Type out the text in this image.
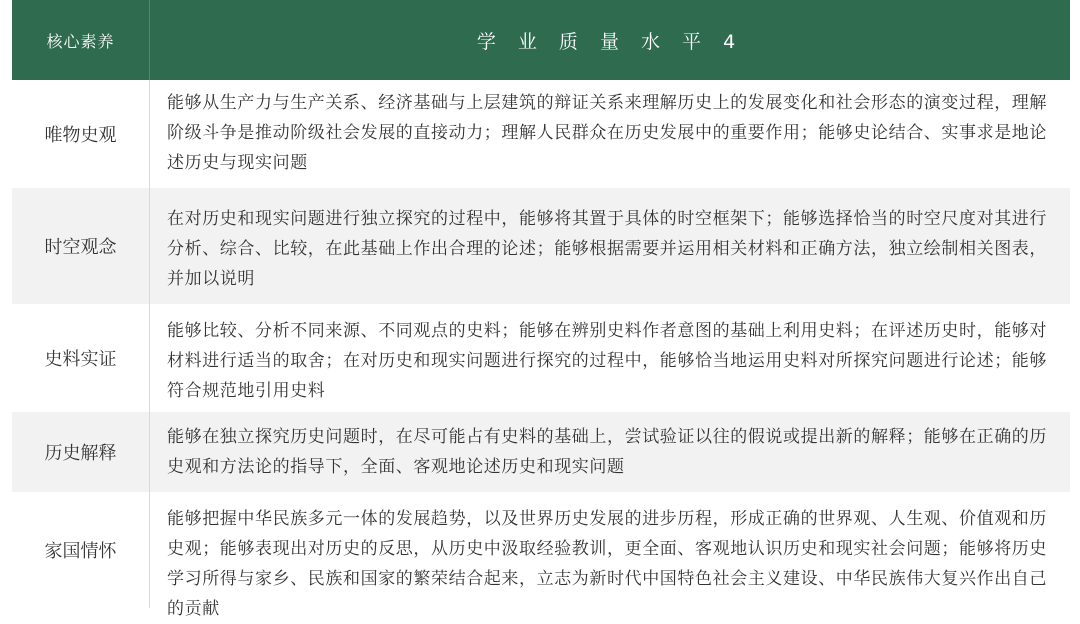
核心素养	学 业 质 量 水 平 4
唯物史观
能够从生产力与生产关系、经济基础与上层建筑的辩证关系来理解历史上的发展变化和社会形态的演变过程，理解阶级斗争是推动阶级社会发展的直接动力；理解人民群众在历史发展中的重要作用；能够史论结合、实事求是地论述历史与现实问题
时空观念
在对历史和现实问题进行独立探究的过程中，能够将其置于具体的时空框架下；能够选择恰当的时空尺度对其进行分析、综合、比较，在此基础上作出合理的论述；能够根据需要并运用相关材料和正确方法，独立绘制相关图表，并加以说明
史料实证
能够比较、分析不同来源、不同观点的史料；能够在辨别史料作者意图的基础上利用史料；在评述历史时，能够对材料进行适当的取舍；在对历史和现实问题进行探究的过程中，能够恰当地运用史料对所探究问题进行论述；能够符合规范地引用史料
历史解释
能够在独立探究历史问题时，在尽可能占有史料的基础上，尝试验证以往的假说或提出新的解释；能够在正确的历史观和方法论的指导下，全面、客观地论述历史和现实问题
家国情怀
能够把握中华民族多元一体的发展趋势，以及世界历史发展的进步历程，形成正确的世界观、人生观、价值观和历史观；能够表现出对历史的反思，从历史中汲取经验教训，更全面、客观地认识历史和现实社会问题；能够将历史学习所得与家乡、民族和国家的繁荣结合起来，立志为新时代中国特色社会主义建设、中华民族伟大复兴作出自己的贡献
